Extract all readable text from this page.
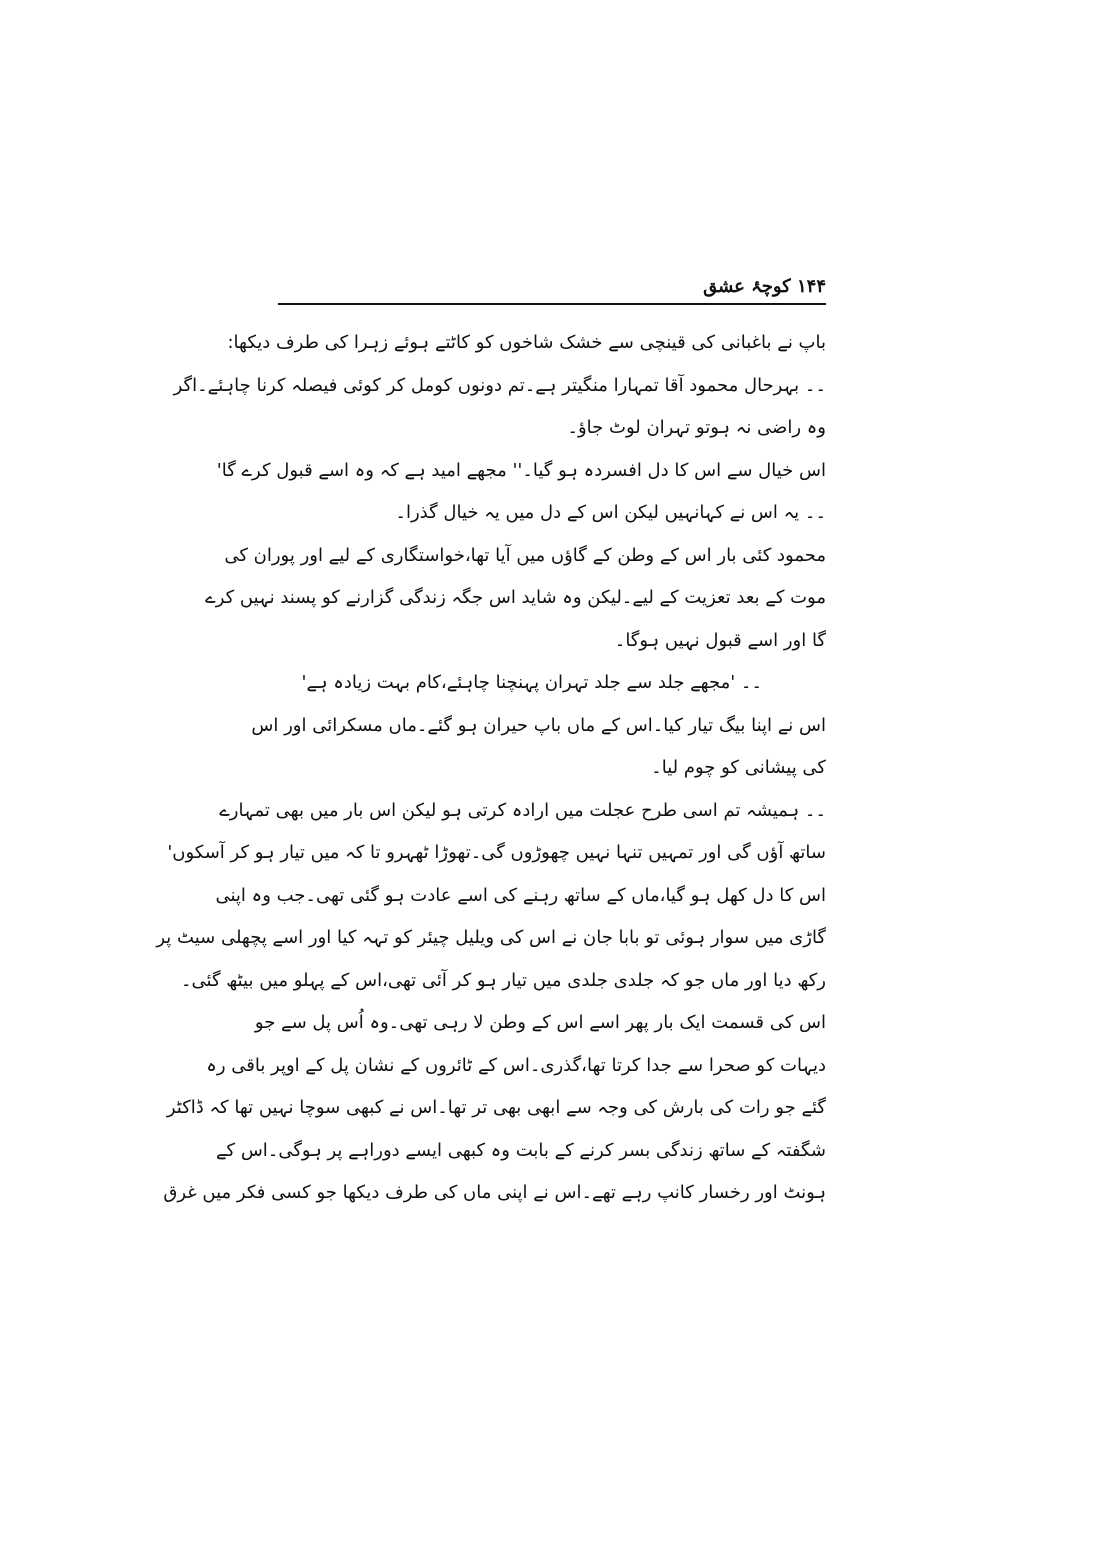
۱۴۴ کوچۂ عشق
باپ نے باغبانی کی قینچی سے خشک شاخوں کو کاٹتے ہوئے زہرا کی طرف دیکھا:
۔۔ بہرحال محمود آقا تمہارا منگیتر ہے۔تم دونوں کومل کر کوئی فیصلہ کرنا چاہئے۔اگر
وہ راضی نہ ہوتو تہران لوٹ جاؤ۔
اس خیال سے اس کا دل افسردہ ہو گیا۔'' مجھے امید ہے کہ وہ اسے قبول کرے گا'
۔۔ یہ اس نے کہانہیں لیکن اس کے دل میں یہ خیال گذرا۔
محمود کئی بار اس کے وطن کے گاؤں میں آیا تھا،خواستگاری کے لیے اور پوران کی
موت کے بعد تعزیت کے لیے۔لیکن وہ شاید اس جگہ زندگی گزارنے کو پسند نہیں کرے
گا اور اسے قبول نہیں ہوگا۔
۔۔ 'مجھے جلد سے جلد تہران پہنچنا چاہئے،کام بہت زیادہ ہے'
اس نے اپنا بیگ تیار کیا۔اس کے ماں باپ حیران ہو گئے۔ماں مسکرائی اور اس
کی پیشانی کو چوم لیا۔
۔۔ ہمیشہ تم اسی طرح عجلت میں ارادہ کرتی ہو لیکن اس بار میں بھی تمہارے
ساتھ آؤں گی اور تمہیں تنہا نہیں چھوڑوں گی۔تھوڑا ٹھہرو تا کہ میں تیار ہو کر آسکوں'
اس کا دل کھل ہو گیا،ماں کے ساتھ رہنے کی اسے عادت ہو گئی تھی۔جب وہ اپنی
گاڑی میں سوار ہوئی تو بابا جان نے اس کی ویلیل چیئر کو تہہ کیا اور اسے پچھلی سیٹ پر
رکھ دیا اور ماں جو کہ جلدی جلدی میں تیار ہو کر آئی تھی،اس کے پہلو میں بیٹھ گئی۔
اس کی قسمت ایک بار پھر اسے اس کے وطن لا رہی تھی۔وہ اُس پل سے جو
دیہات کو صحرا سے جدا کرتا تھا،گذری۔اس کے ٹائروں کے نشان پل کے اوپر باقی رہ
گئے جو رات کی بارش کی وجہ سے ابھی بھی تر تھا۔اس نے کبھی سوچا نہیں تھا کہ ڈاکٹر
شگفتہ کے ساتھ زندگی بسر کرنے کے بابت وہ کبھی ایسے دوراہے پر ہوگی۔اس کے
ہونٹ اور رخسار کانپ رہے تھے۔اس نے اپنی ماں کی طرف دیکھا جو کسی فکر میں غرق
